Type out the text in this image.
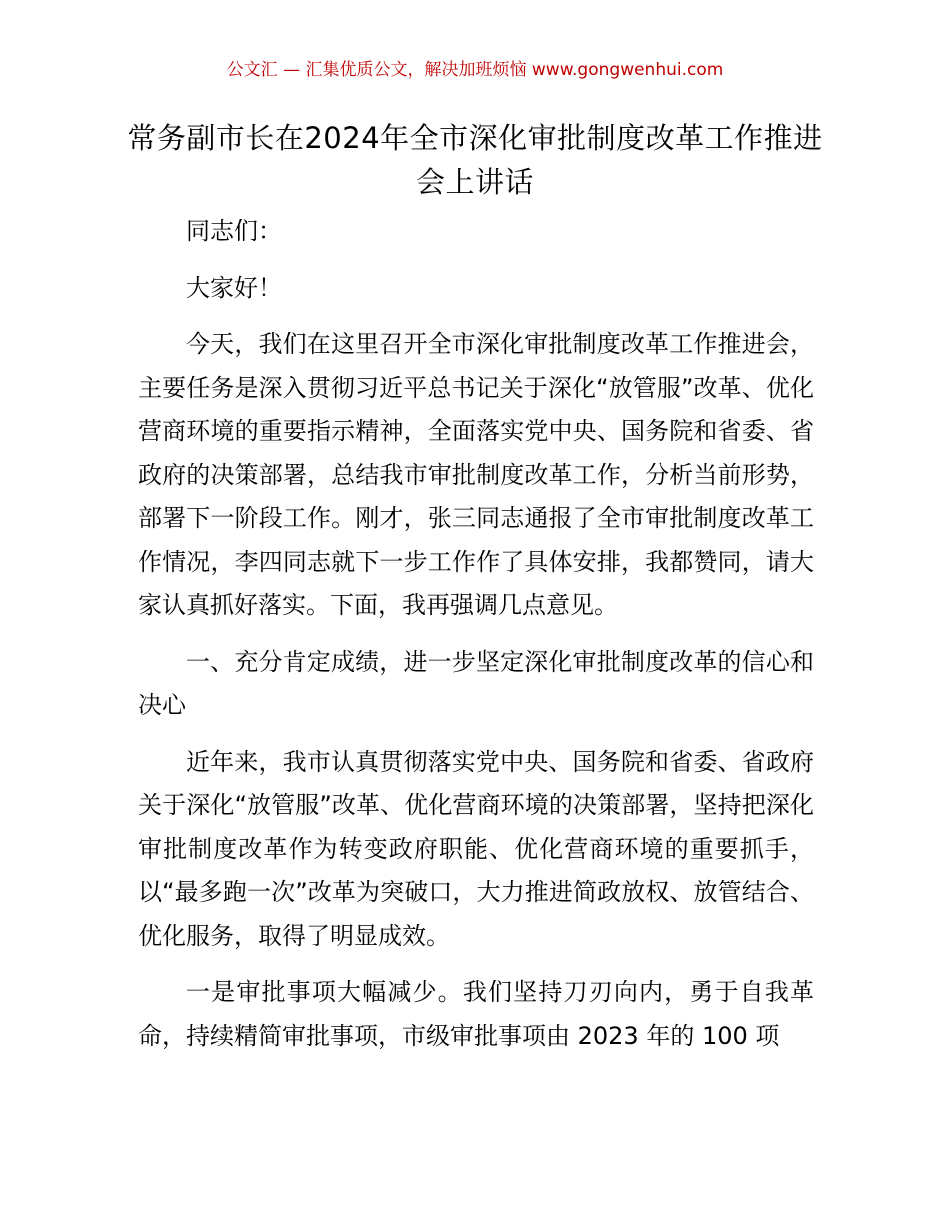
公文汇 — 汇集优质公文，解决加班烦恼 www.gongwenhui.com
常务副市长在2024年全市深化审批制度改革工作推进会上讲话

同志们：

大家好！

今天，我们在这里召开全市深化审批制度改革工作推进会，主要任务是深入贯彻习近平总书记关于深化“放管服”改革、优化营商环境的重要指示精神，全面落实党中央、国务院和省委、省政府的决策部署，总结我市审批制度改革工作，分析当前形势，部署下一阶段工作。刚才，张三同志通报了全市审批制度改革工作情况，李四同志就下一步工作作了具体安排，我都赞同，请大家认真抓好落实。下面，我再强调几点意见。

一、充分肯定成绩，进一步坚定深化审批制度改革的信心和决心

近年来，我市认真贯彻落实党中央、国务院和省委、省政府关于深化“放管服”改革、优化营商环境的决策部署，坚持把深化审批制度改革作为转变政府职能、优化营商环境的重要抓手，以“最多跑一次”改革为突破口，大力推进简政放权、放管结合、优化服务，取得了明显成效。

一是审批事项大幅减少。我们坚持刀刃向内，勇于自我革命，持续精简审批事项，市级审批事项由 2023 年的 100 项
